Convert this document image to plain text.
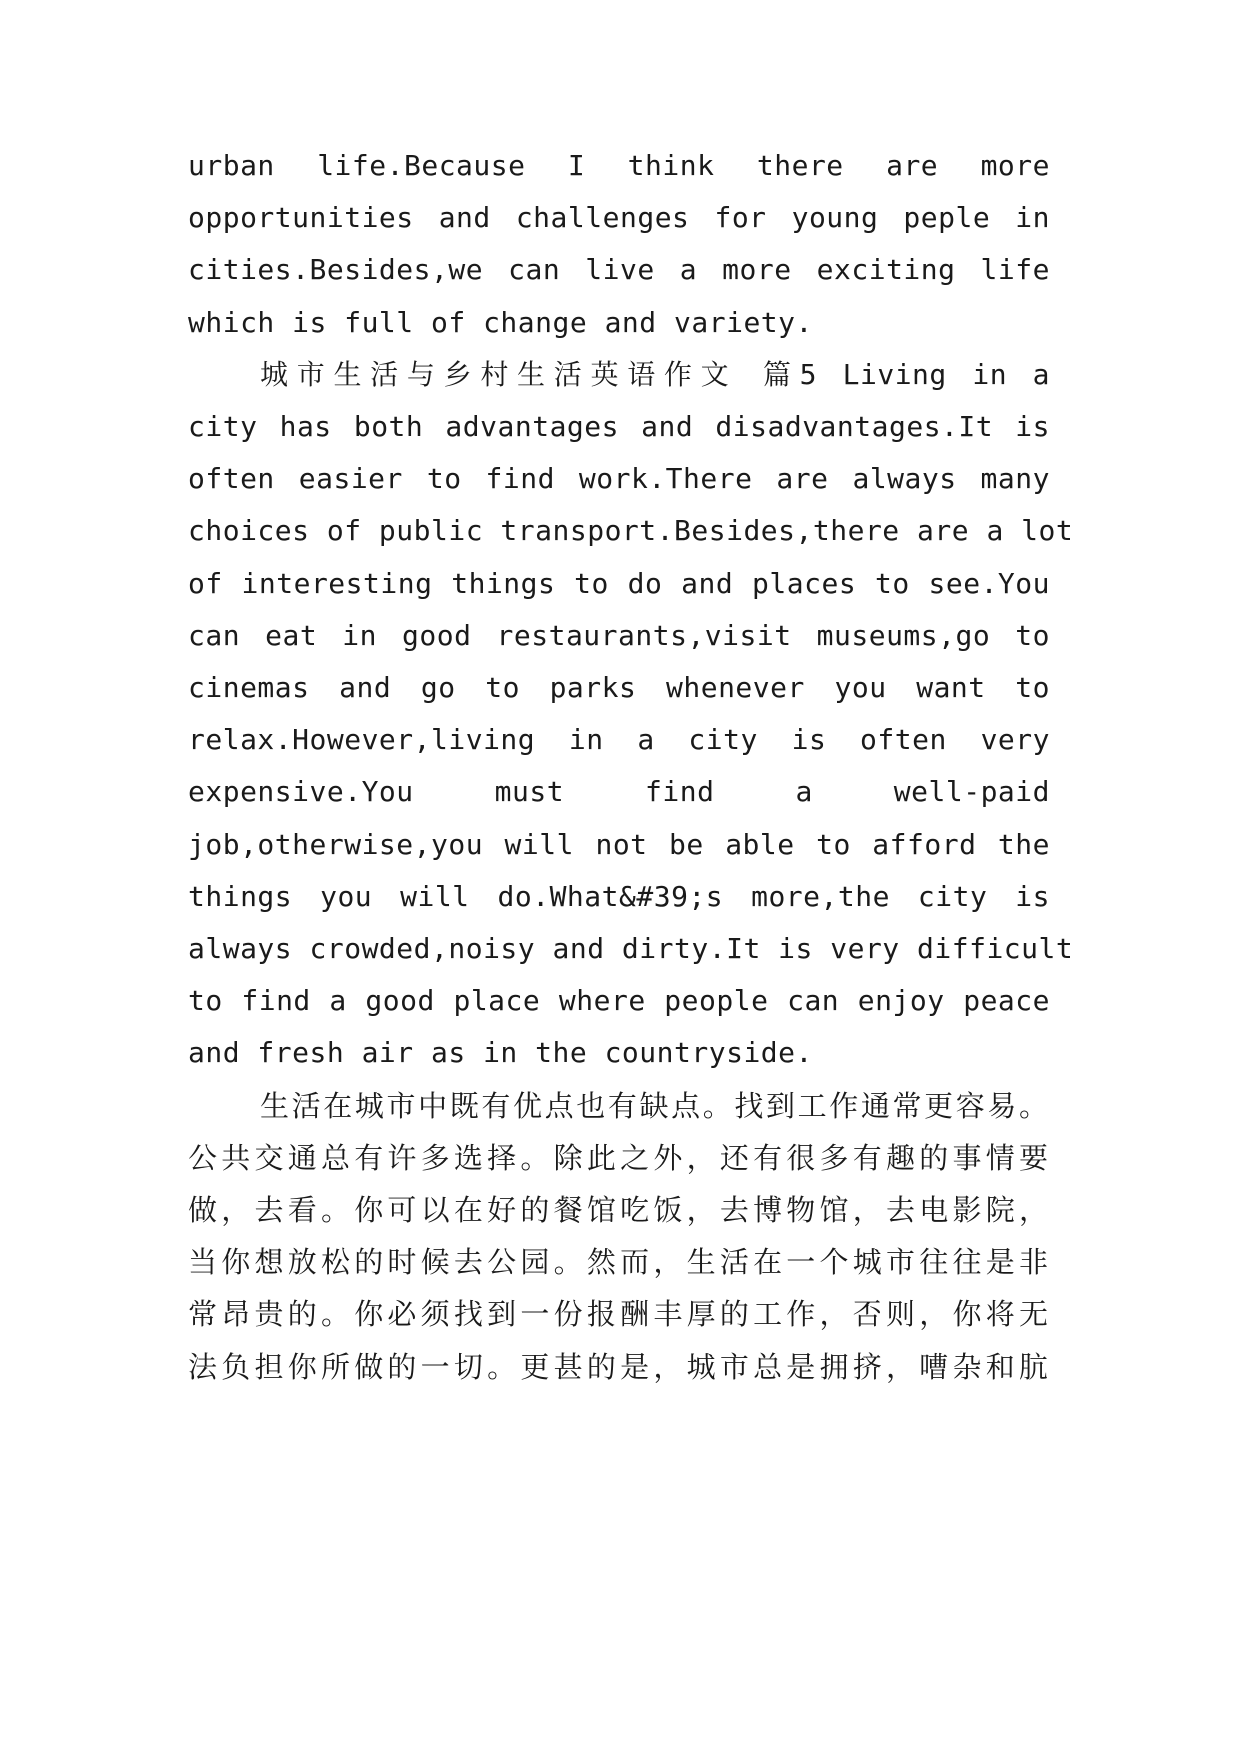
urban life.Because I think there are more
opportunities and challenges for young peple in
cities.Besides,we can live a more exciting life
which is full of change and variety.
城市生活与乡村生活英语作文 篇5 Living in a
city has both advantages and disadvantages.It is
often easier to find work.There are always many
choices of public transport.Besides,there are a lot
of interesting things to do and places to see.You
can eat in good restaurants,visit museums,go to
cinemas and go to parks whenever you want to
relax.However,living in a city is often very
expensive.You must find a well-paid
job,otherwise,you will not be able to afford the
things you will do.What&#39;s more,the city is
always crowded,noisy and dirty.It is very difficult
to find a good place where people can enjoy peace
and fresh air as in the countryside.
生活在城市中既有优点也有缺点。找到工作通常更容易。
公共交通总有许多选择。除此之外，还有很多有趣的事情要
做，去看。你可以在好的餐馆吃饭，去博物馆，去电影院，
当你想放松的时候去公园。然而，生活在一个城市往往是非
常昂贵的。你必须找到一份报酬丰厚的工作，否则，你将无
法负担你所做的一切。更甚的是，城市总是拥挤，嘈杂和肮
